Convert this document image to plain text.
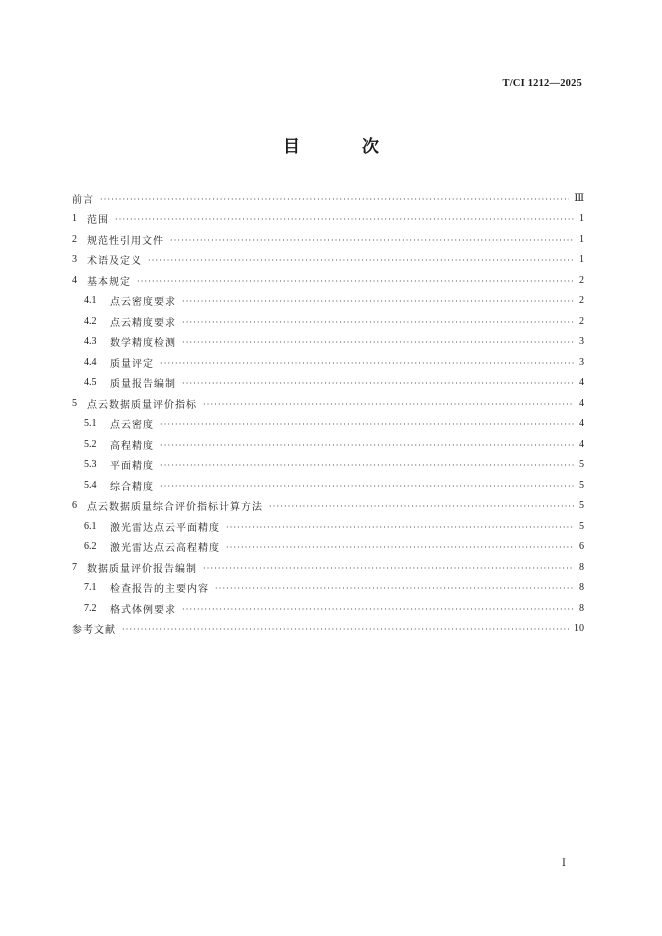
T/CI 1212—2025
目 次
前言 ·····	Ⅲ
1	范围 ·····	1
2	规范性引用文件 ·····	1
3	术语及定义 ·····	1
4	基本规定 ·····	2
4.1	点云密度要求 ·····	2
4.2	点云精度要求 ·····	2
4.3	数学精度检测 ·····	3
4.4	质量评定 ·····	3
4.5	质量报告编制 ·····	4
5	点云数据质量评价指标 ·····	4
5.1	点云密度 ·····	4
5.2	高程精度 ·····	4
5.3	平面精度 ·····	5
5.4	综合精度 ·····	5
6	点云数据质量综合评价指标计算方法 ·····	5
6.1	激光雷达点云平面精度 ·····	5
6.2	激光雷达点云高程精度 ·····	6
7	数据质量评价报告编制 ·····	8
7.1	检查报告的主要内容 ·····	8
7.2	格式体例要求 ·····	8
参考文献 ·····	10
Ⅰ
